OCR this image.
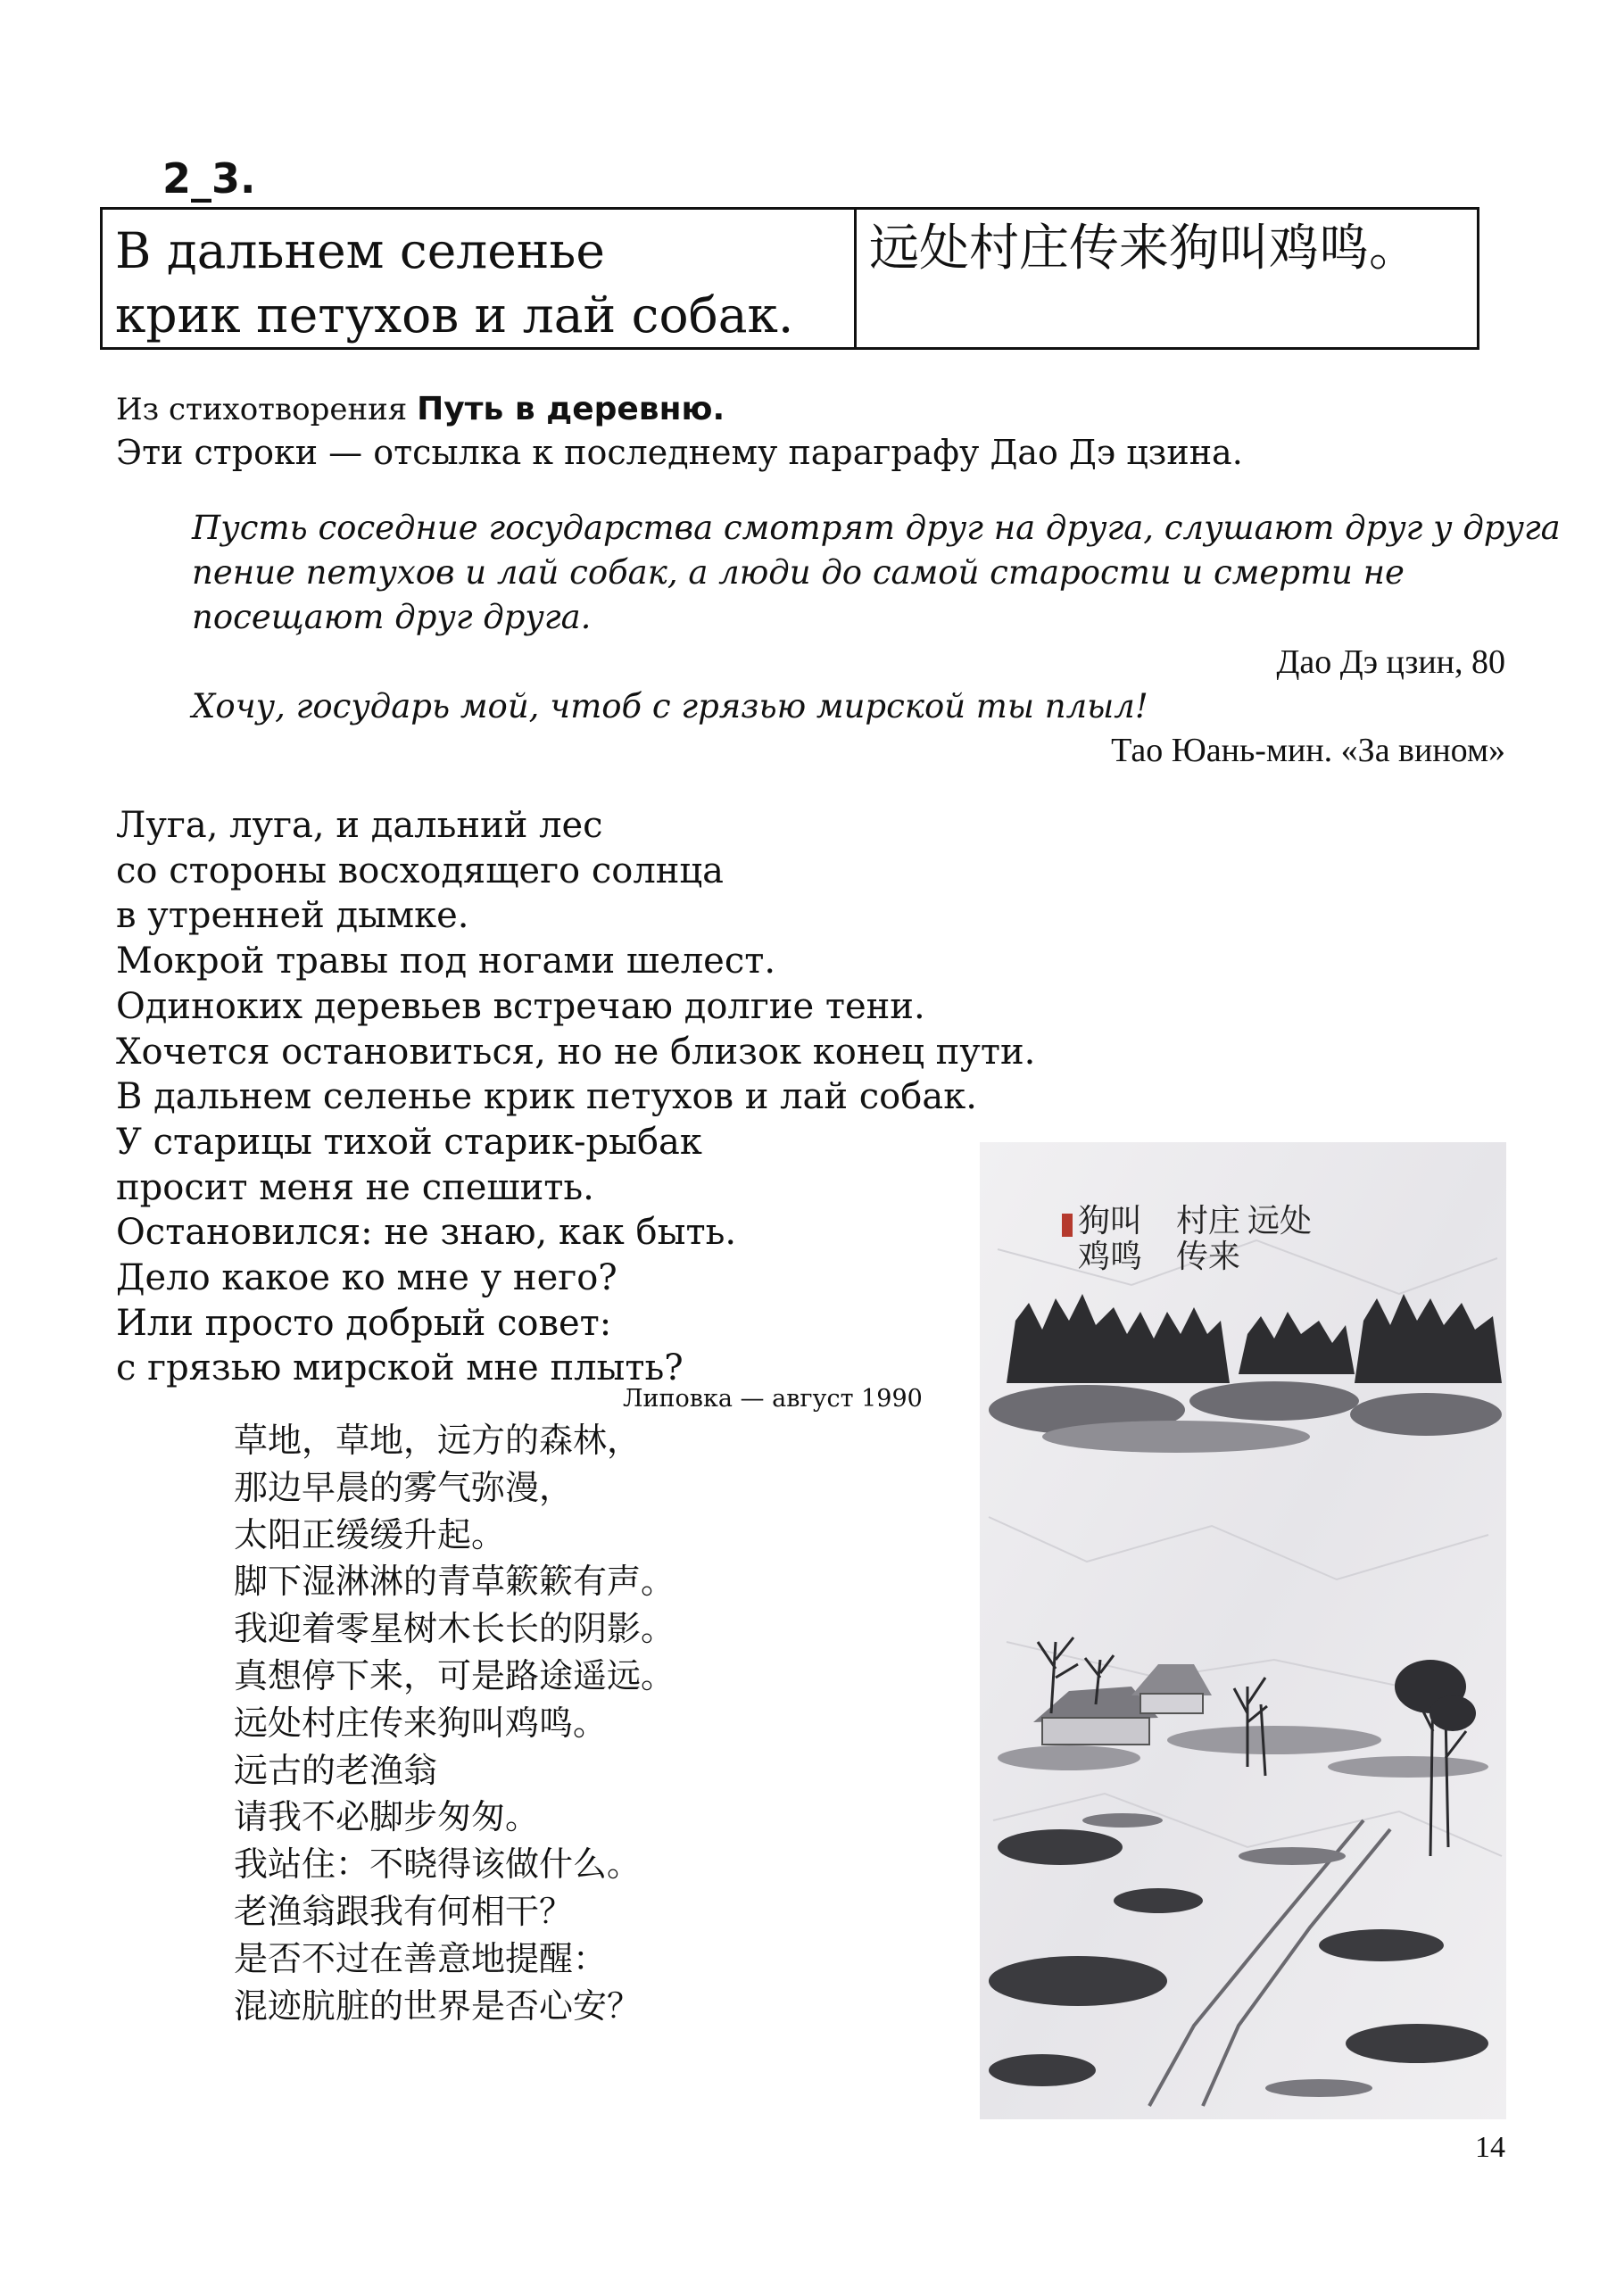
2_3.
В дальнем селенье
крик петухов и лай собак.
远处村庄传来狗叫鸡鸣。
Из стихотворения Путь в деревню.
Эти строки — отсылка к последнему параграфу Дао Дэ цзина.
Пусть соседние государства смотрят друг на друга, слушают друг у друга
пение петухов и лай собак, а люди до самой старости и смерти не
посещают друг друга.
Дао Дэ цзин, 80
Хочу, государь мой, чтоб с грязью мирской ты плыл!
Тао Юань-мин. «За вином»
Луга, луга, и дальний лес
со стороны восходящего солнца
в утренней дымке.
Мокрой травы под ногами шелест.
Одиноких деревьев встречаю долгие тени.
Хочется остановиться, но не близок конец пути.
В дальнем селенье крик петухов и лай собак.
У старицы тихой старик-рыбак
просит меня не спешить.
Остановился: не знаю, как быть.
Дело какое ко мне у него?
Или просто добрый совет:
с грязью мирской мне плыть?
Липовка — август 1990
草地，草地，远方的森林，
那边早晨的雾气弥漫，
太阳正缓缓升起。
脚下湿淋淋的青草簌簌有声。
我迎着零星树木长长的阴影。
真想停下来，可是路途遥远。
远处村庄传来狗叫鸡鸣。
远古的老渔翁
请我不必脚步匆匆。
我站住：不晓得该做什么。
老渔翁跟我有何相干？
是否不过在善意地提醒：
混迹肮脏的世界是否心安？
远处
村庄
传来
狗叫
鸡鸣
14
